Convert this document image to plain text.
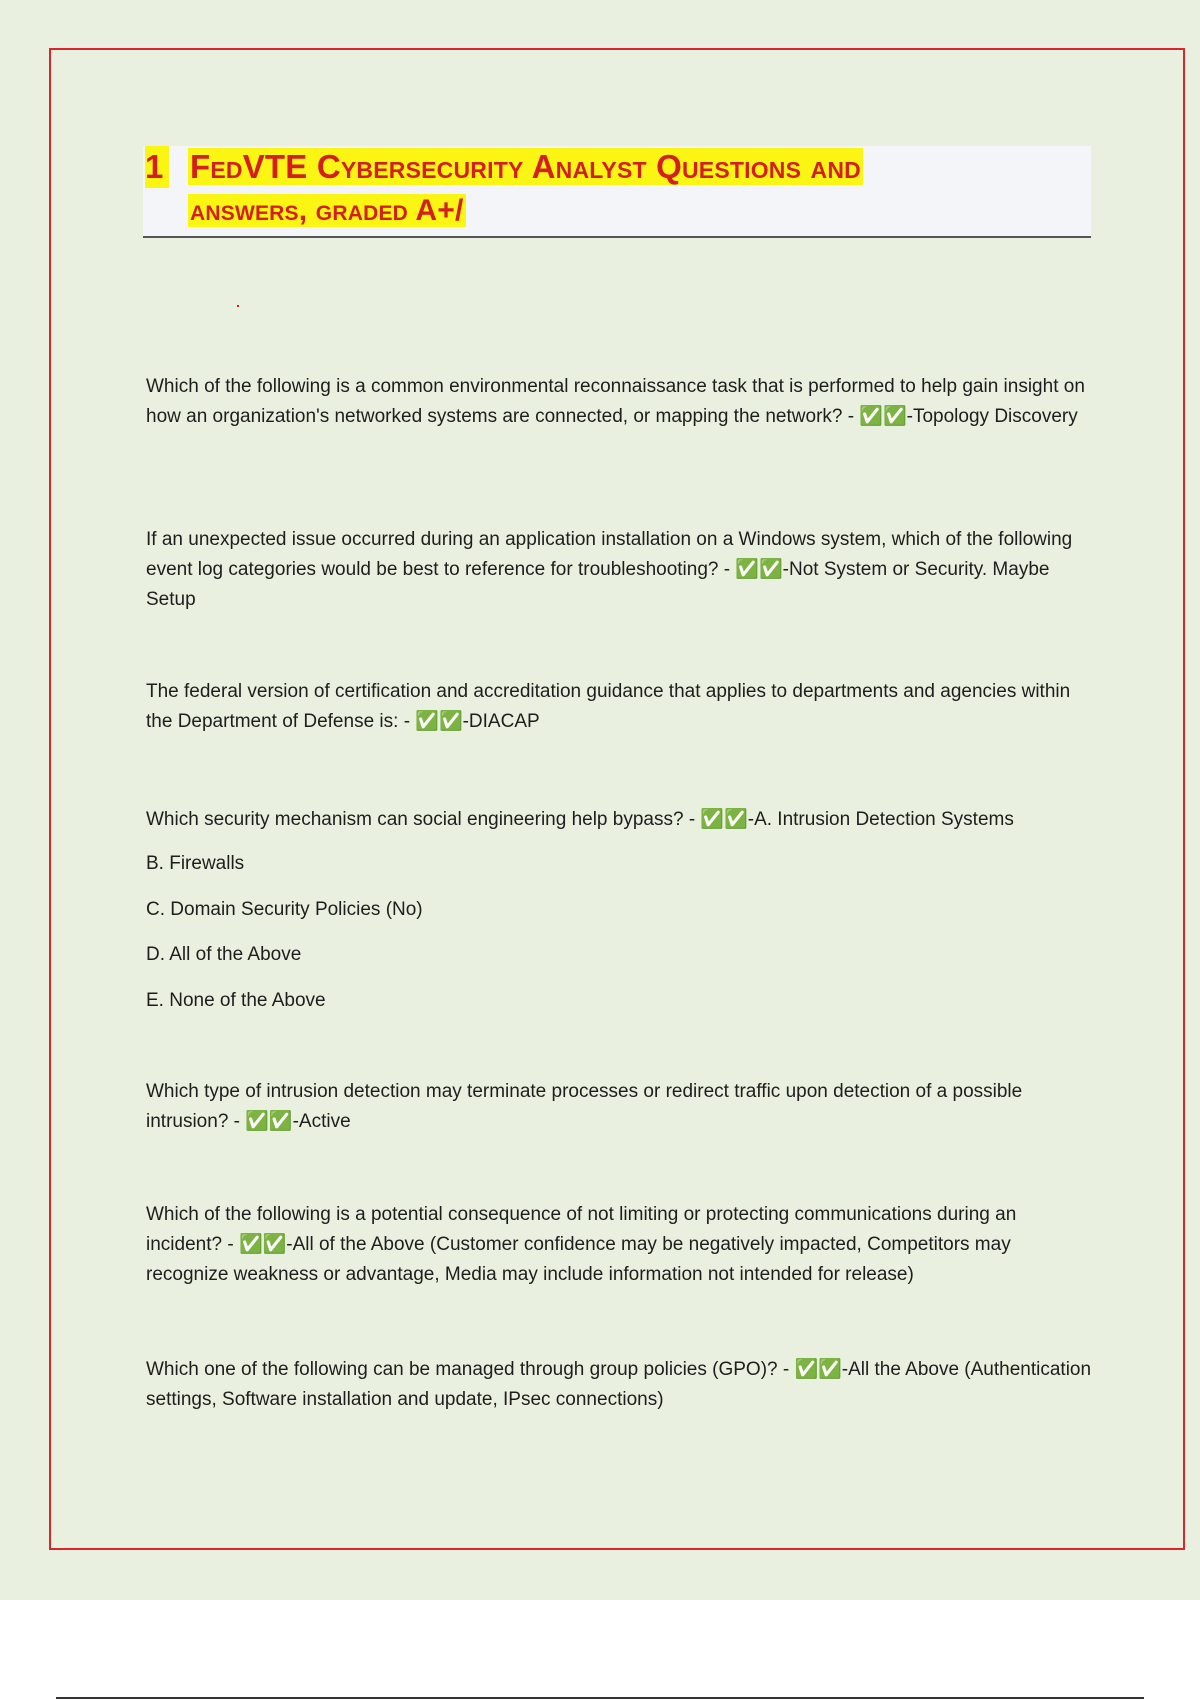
1 FedVTE Cybersecurity Analyst Questions and
answers, graded A+/

Which of the following is a common environmental reconnaissance task that is performed to help gain insight on how an organization's networked systems are connected, or mapping the network? - ✅✅-Topology Discovery

If an unexpected issue occurred during an application installation on a Windows system, which of the following event log categories would be best to reference for troubleshooting? - ✅✅-Not System or Security. Maybe Setup

The federal version of certification and accreditation guidance that applies to departments and agencies within the Department of Defense is: - ✅✅-DIACAP

Which security mechanism can social engineering help bypass? - ✅✅-A. Intrusion Detection Systems

B. Firewalls

C. Domain Security Policies (No)

D. All of the Above

E. None of the Above

Which type of intrusion detection may terminate processes or redirect traffic upon detection of a possible intrusion? - ✅✅-Active

Which of the following is a potential consequence of not limiting or protecting communications during an incident? - ✅✅-All of the Above (Customer confidence may be negatively impacted, Competitors may recognize weakness or advantage, Media may include information not intended for release)

Which one of the following can be managed through group policies (GPO)? - ✅✅-All the Above (Authentication settings, Software installation and update, IPsec connections)
